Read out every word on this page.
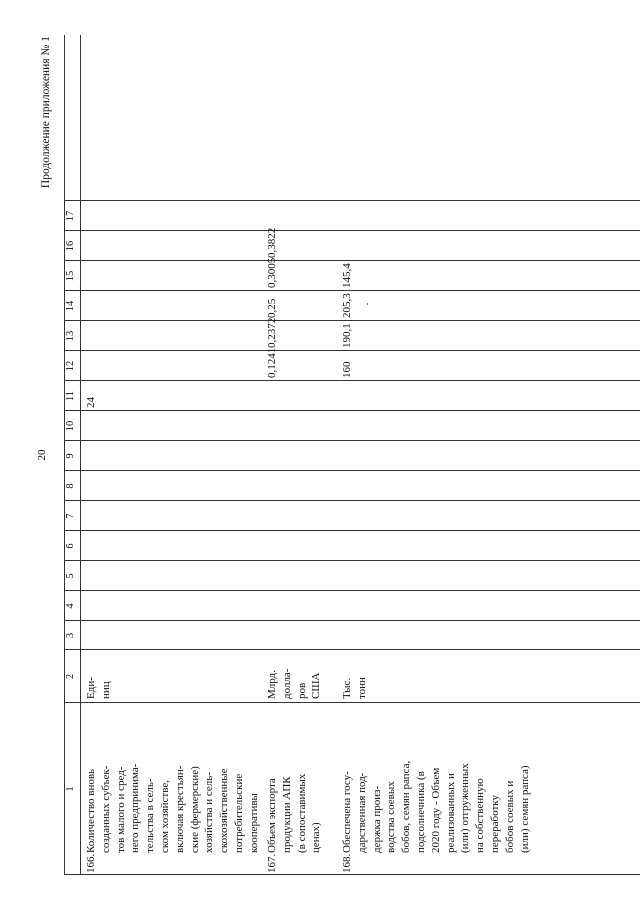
20
Продолжение приложения № 1
1
2
3
4
5
6
7
8
9
10
11
12
13
14
15
16
17
166.
Количество вновь созданных субъек- тов малого и сред- него предпринима- тельства в сель- ском хозяйстве, включая крестьян- ские (фермерские) хозяйства и сель- скохозяйственные потребительские кооперативы
Еди- ниц
24
167.
Объем экспорта продукции АПК (в сопоставимых ценах)
Млрд. долла- ров США
0,1241
0,2372
0,25
0,3005
0,3822
168.
Обеспечена госу- дарственная под- держка произ- водства соевых бобов, семян рапса, подсолнечника (в 2020 году - Объем реализованных и (или) отгруженных на собственную переработку бобов соевых и (или) семян рапса)
Тыс. тонн
160
190,1
205,3
145,4
